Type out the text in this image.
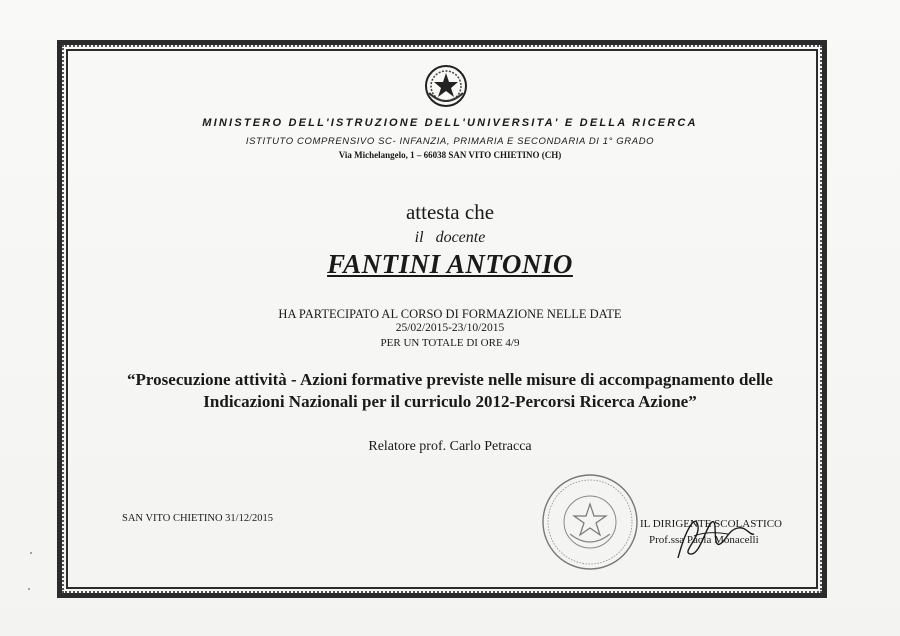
MINISTERO DELL'ISTRUZIONE DELL'UNIVERSITA' E DELLA RICERCA
ISTITUTO COMPRENSIVO SC- INFANZIA, PRIMARIA E SECONDARIA DI 1° GRADO
Via Michelangelo, 1 – 66038 SAN VITO CHIETINO (CH)
attesta che
il docente
FANTINI ANTONIO
HA PARTECIPATO AL CORSO DI FORMAZIONE NELLE DATE
25/02/2015-23/10/2015
PER UN TOTALE DI ORE 4/9
“Prosecuzione attività - Azioni formative previste nelle misure di accompagnamento delle
Indicazioni Nazionali per il curriculo 2012-Percorsi Ricerca Azione”
Relatore prof. Carlo Petracca
SAN VITO CHIETINO 31/12/2015	IL DIRIGENTE SCOLASTICO
Prof.ssa Paola Monacelli
